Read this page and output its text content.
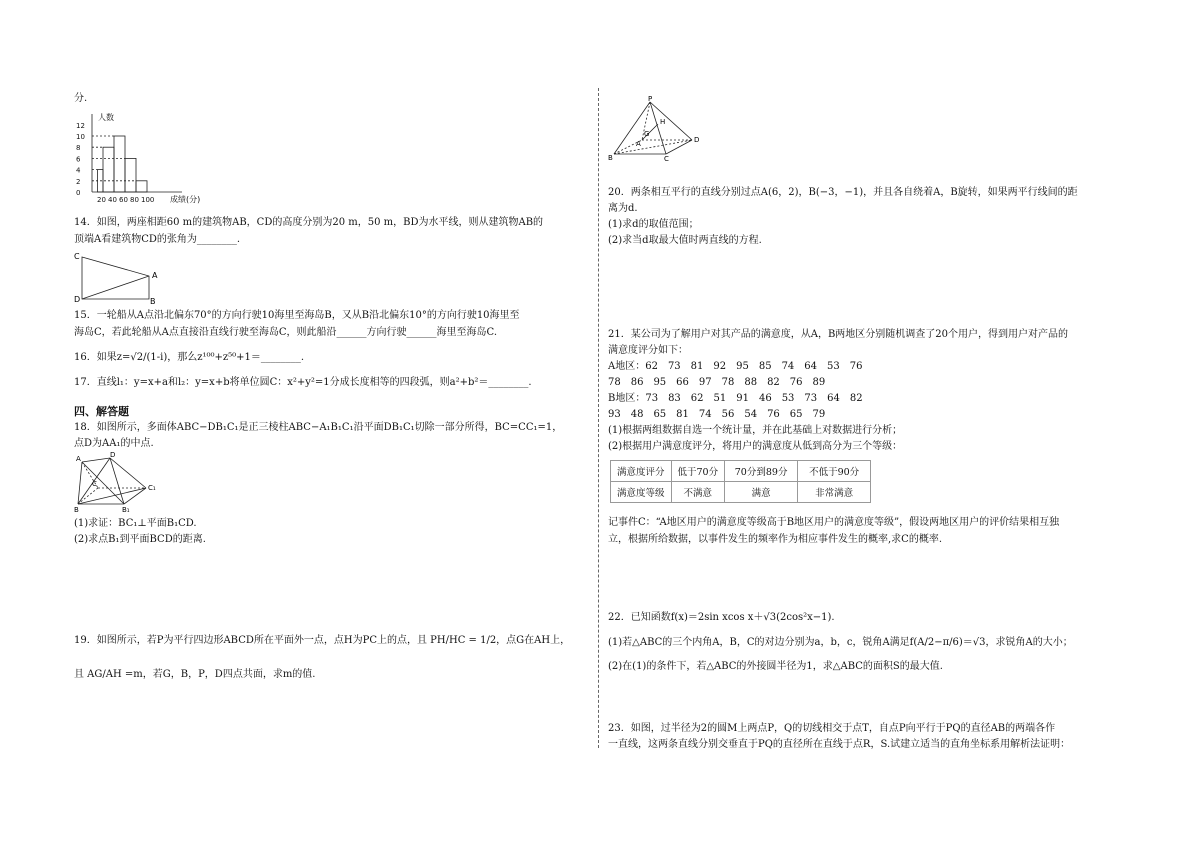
分.
12
10
8
6
4
2
0
20 40 60 80 100
人数
成绩(分)
14．如图，两座相距60 m的建筑物AB，CD的高度分别为20 m，50 m，BD为水平线，则从建筑物AB的
顶端A看建筑物CD的张角为________.
C
A
D	B
15．一轮船从A点沿北偏东70°的方向行驶10海里至海岛B，又从B沿北偏东10°的方向行驶10海里至
海岛C，若此轮船从A点直接沿直线行驶至海岛C，则此船沿______方向行驶______海里至海岛C.
16．如果z=√2/(1-i)，那么z¹⁰⁰+z⁵⁰+1＝________.
17．直线l₁：y=x+a和l₂：y=x+b将单位圆C：x²+y²=1分成长度相等的四段弧，则a²+b²＝________.
四、解答题
18．如图所示，多面体ABC−DB₁C₁是正三棱柱ABC−A₁B₁C₁沿平面DB₁C₁切除一部分所得，BC=CC₁=1，
点D为AA₁的中点.
A	D
C	C₁
B	B₁
(1)求证：BC₁⊥平面B₁CD.
(2)求点B₁到平面BCD的距离.
19．如图所示，若P为平行四边形ABCD所在平面外一点，点H为PC上的点，且 PH/HC = 1/2，点G在AH上，
且 AG/AH =m，若G，B，P，D四点共面，求m的值.
P
H
G
A	D
B	C
20．两条相互平行的直线分别过点A(6，2)，B(−3，−1)，并且各自绕着A，B旋转，如果两平行线间的距
离为d.
(1)求d的取值范围；
(2)求当d取最大值时两直线的方程.
21．某公司为了解用户对其产品的满意度，从A，B两地区分别随机调查了20个用户，得到用户对产品的
满意度评分如下：
A地区：62　73　81　92　95　85　74　64　53　76
78　86　95　66　97　78　88　82　76　89
B地区：73　83　62　51　91　46　53　73　64　82
93　48　65　81　74　56　54　76　65　79
(1)根据两组数据自选一个统计量，并在此基础上对数据进行分析；
(2)根据用户满意度评分，将用户的满意度从低到高分为三个等级：
满意度评分	低于70分	70分到89分	不低于90分
满意度等级	不满意	满意	非常满意
记事件C：“A地区用户的满意度等级高于B地区用户的满意度等级”，假设两地区用户的评价结果相互独
立，根据所给数据，以事件发生的频率作为相应事件发生的概率,求C的概率.
22．已知函数f(x)＝2sin xcos x＋√3(2cos²x−1).
(1)若△ABC的三个内角A，B，C的对边分别为a，b，c，锐角A满足f(A/2−π/6)＝√3，求锐角A的大小；
(2)在(1)的条件下，若△ABC的外接圆半径为1，求△ABC的面积S的最大值.
23．如图，过半径为2的圆M上两点P，Q的切线相交于点T，自点P向平行于PQ的直径AB的两端各作
一直线，这两条直线分别交垂直于PQ的直径所在直线于点R，S.试建立适当的直角坐标系用解析法证明：
